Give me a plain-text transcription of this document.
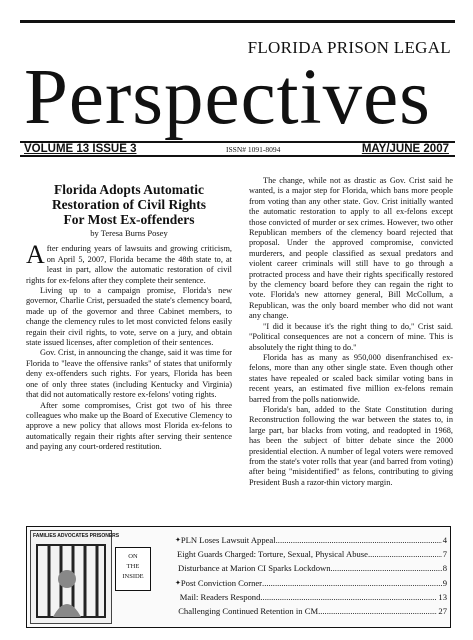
FLORIDA PRISON LEGAL
Perspectives
VOLUME 13 ISSUE 3	ISSN# 1091-8094	MAY/JUNE 2007
Florida Adopts Automatic
Restoration of Civil Rights
For Most Ex-offenders
by Teresa Burns Posey

After enduring years of lawsuits and growing criticism, on April 5, 2007, Florida became the 48th state to, at least in part, allow the automatic restoration of civil rights for ex-felons after they complete their sentence.

Living up to a campaign promise, Florida's new governor, Charlie Crist, persuaded the state's clemency board, made up of the governor and three Cabinet members, to change the clemency rules to let most convicted felons easily regain their civil rights, to vote, serve on a jury, and obtain state issued licenses, after completion of their sentences.

Gov. Crist, in announcing the change, said it was time for Florida to "leave the offensive ranks" of states that uniformly deny ex-offenders such rights. For years, Florida has been one of only three states (including Kentucky and Virginia) that did not automatically restore ex-felons' voting rights.

After some compromises, Crist got two of his three colleagues who make up the Board of Executive Clemency to approve a new policy that allows most Florida ex-felons to automatically regain their rights after serving their sentence and paying any court-ordered restitution.

The change, while not as drastic as Gov. Crist said he wanted, is a major step for Florida, which bans more people from voting than any other state. Gov. Crist initially wanted the automatic restoration to apply to all ex-felons except those convicted of murder or sex crimes. However, two other Republican members of the clemency board rejected that proposal. Under the approved compromise, convicted murderers, and people classified as sexual predators and violent career criminals will still have to go through a protracted process and have their rights specifically restored by the clemency board before they can regain the right to vote. Florida's new attorney general, Bill McCollum, a Republican, was the only board member who did not want any change.

"I did it because it's the right thing to do," Crist said. "Political consequences are not a concern of mine. This is absolutely the right thing to do."

Florida has as many as 950,000 disenfranchised ex-felons, more than any other single state. Even though other states have repealed or scaled back similar voting bans in recent years, an estimated five million ex-felons remain barred from the polls nationwide.

Florida's ban, added to the State Constitution during Reconstruction following the war between the states to, in large part, bar blacks from voting, and readopted in 1968, has been the subject of bitter debate since the 2000 presidential election. A number of legal voters were removed from the state's voter rolls that year (and barred from voting) after being "misidentified" as felons, contributing to giving President Bush a razor-thin victory margin.

FAMILIES ADVOCATES PRISONERS
ON
THE
INSIDE
✦ PLN Loses Lawsuit Appeal .....	4
Eight Guards Charged: Torture, Sexual, Physical Abuse .....	7
Disturbance at Marion CI Sparks Lockdown .....	8
✦ Post Conviction Corner .....	9
Mail: Readers Respond .....	13
Challenging Continued Retention in CM .....	27
